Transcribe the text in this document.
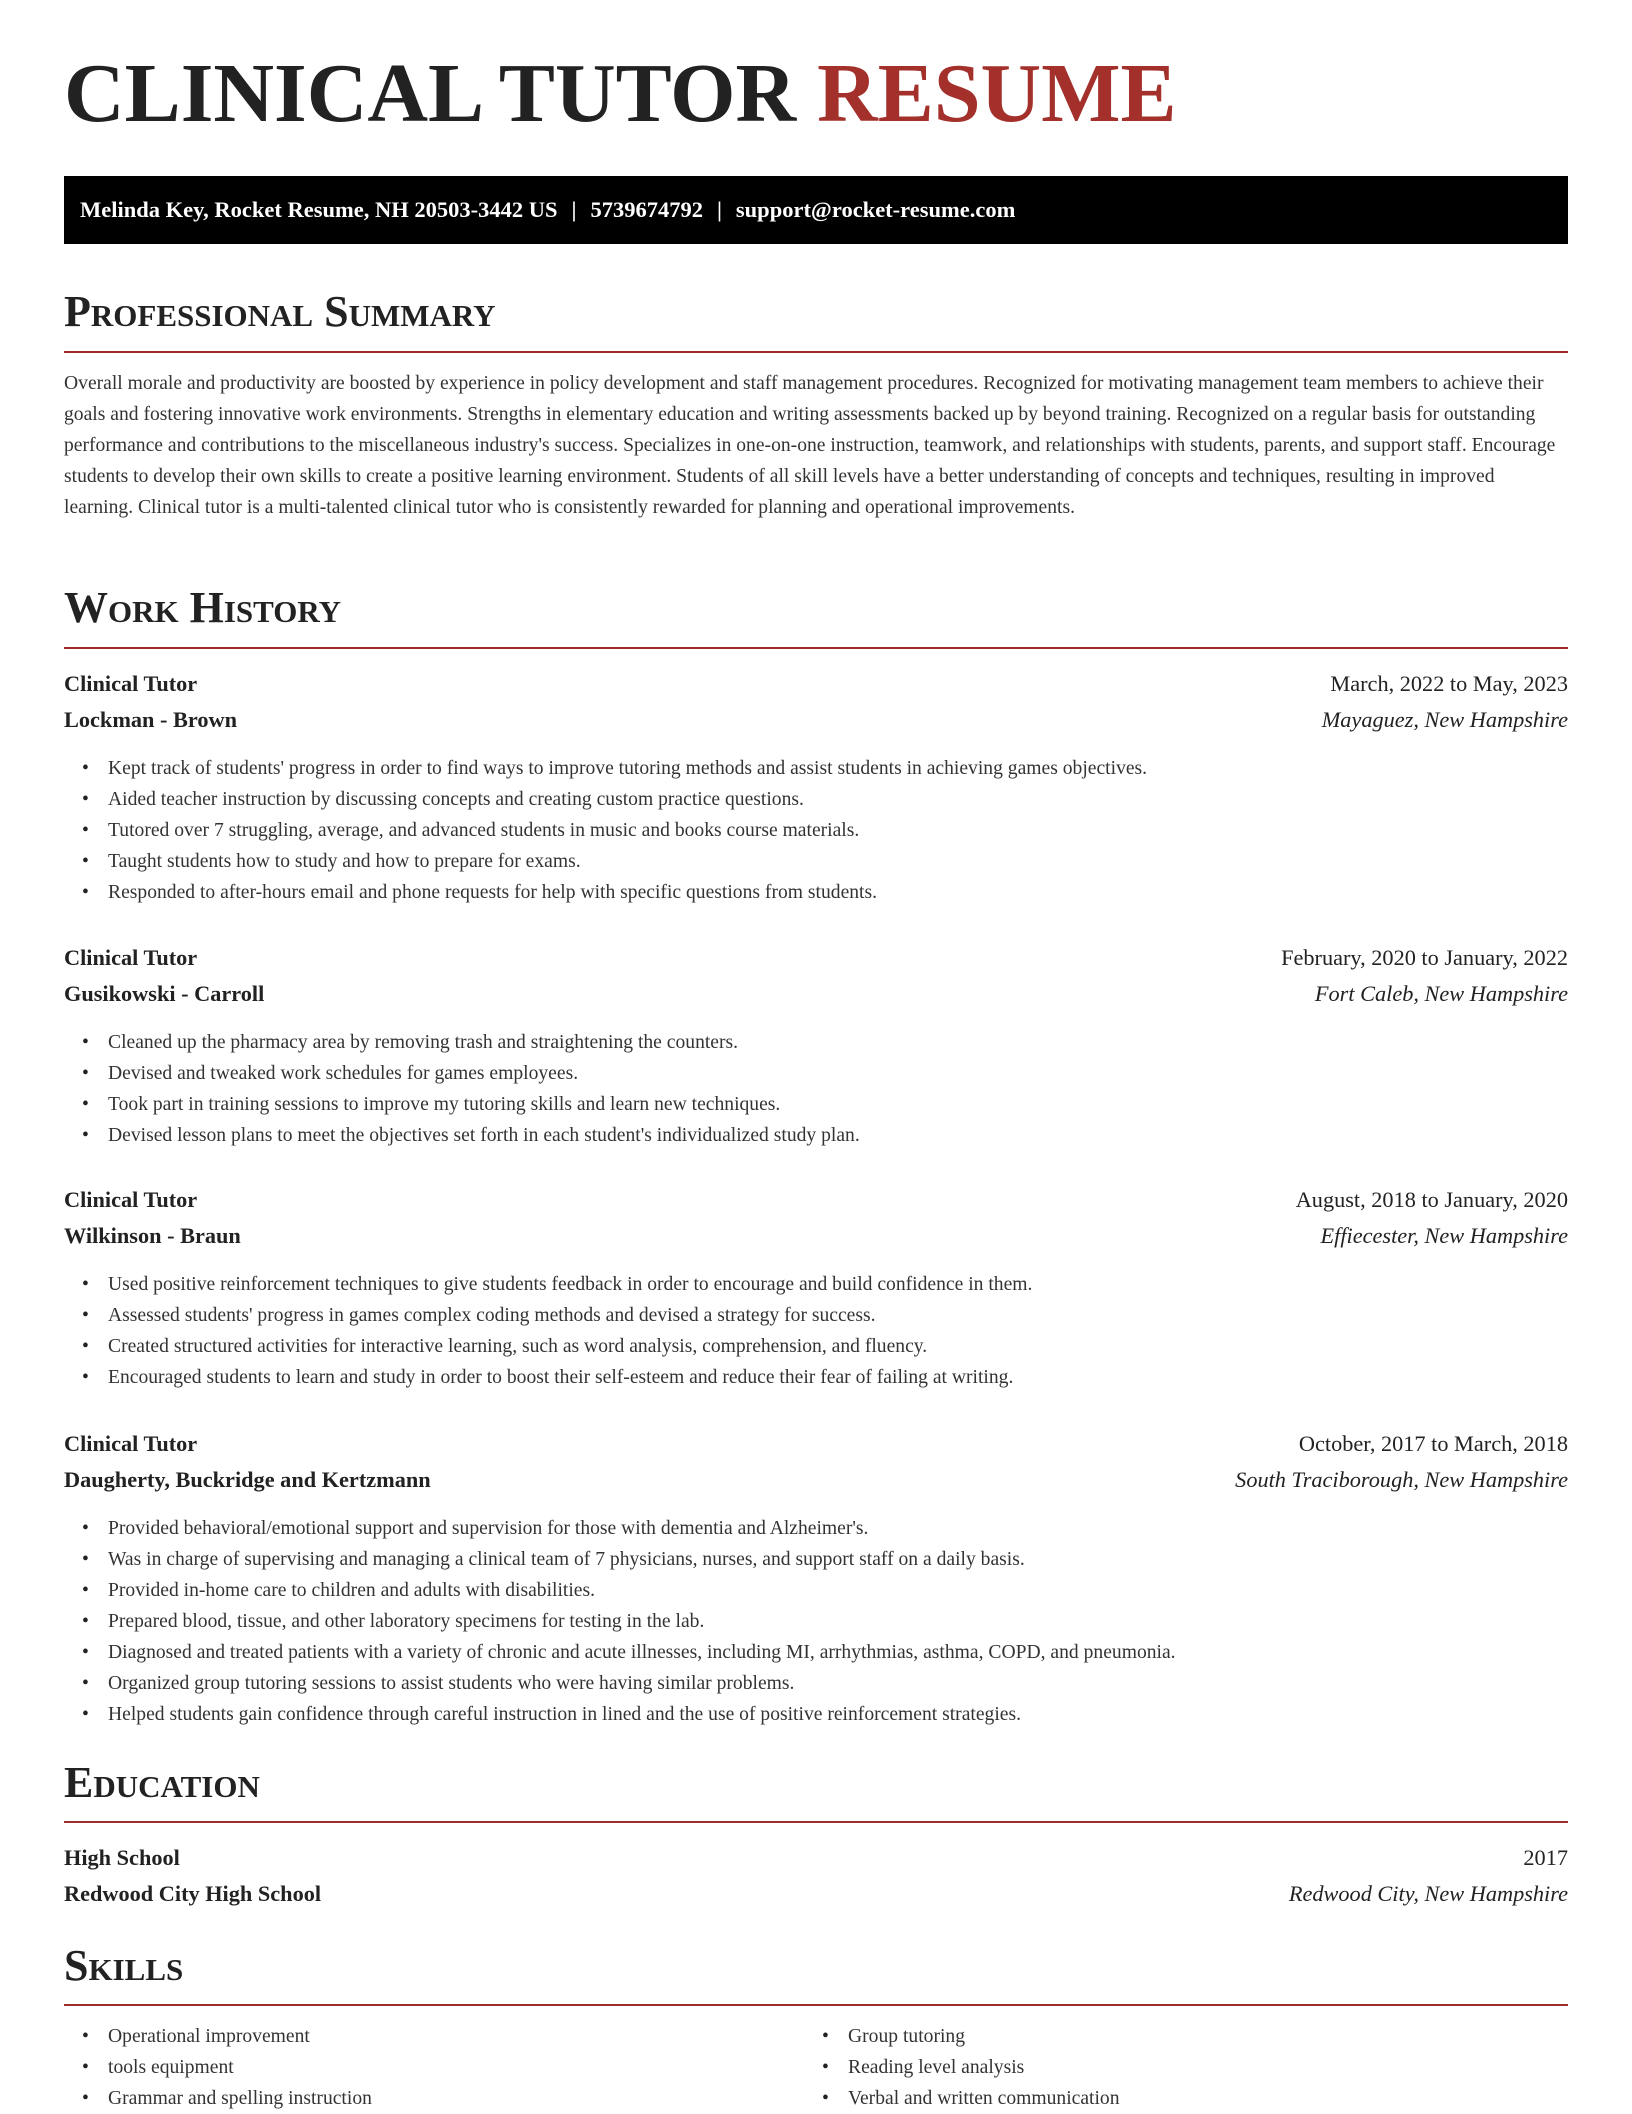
CLINICAL TUTOR RESUME
Melinda Key, Rocket Resume, NH 20503-3442 US | 5739674792 | support@rocket-resume.com
Professional Summary

Overall morale and productivity are boosted by experience in policy development and staff management procedures. Recognized for motivating management team members to achieve their goals and fostering innovative work environments. Strengths in elementary education and writing assessments backed up by beyond training. Recognized on a regular basis for outstanding performance and contributions to the miscellaneous industry's success. Specializes in one-on-one instruction, teamwork, and relationships with students, parents, and support staff. Encourage students to develop their own skills to create a positive learning environment. Students of all skill levels have a better understanding of concepts and techniques, resulting in improved learning. Clinical tutor is a multi-talented clinical tutor who is consistently rewarded for planning and operational improvements.

Work History
Clinical Tutor	March, 2022 to May, 2023
Lockman - Brown	Mayaguez, New Hampshire
• Kept track of students' progress in order to find ways to improve tutoring methods and assist students in achieving games objectives.
• Aided teacher instruction by discussing concepts and creating custom practice questions.
• Tutored over 7 struggling, average, and advanced students in music and books course materials.
• Taught students how to study and how to prepare for exams.
• Responded to after-hours email and phone requests for help with specific questions from students.
Clinical Tutor	February, 2020 to January, 2022
Gusikowski - Carroll	Fort Caleb, New Hampshire
• Cleaned up the pharmacy area by removing trash and straightening the counters.
• Devised and tweaked work schedules for games employees.
• Took part in training sessions to improve my tutoring skills and learn new techniques.
• Devised lesson plans to meet the objectives set forth in each student's individualized study plan.
Clinical Tutor	August, 2018 to January, 2020
Wilkinson - Braun	Effiecester, New Hampshire
• Used positive reinforcement techniques to give students feedback in order to encourage and build confidence in them.
• Assessed students' progress in games complex coding methods and devised a strategy for success.
• Created structured activities for interactive learning, such as word analysis, comprehension, and fluency.
• Encouraged students to learn and study in order to boost their self-esteem and reduce their fear of failing at writing.
Clinical Tutor	October, 2017 to March, 2018
Daugherty, Buckridge and Kertzmann	South Traciborough, New Hampshire
• Provided behavioral/emotional support and supervision for those with dementia and Alzheimer's.
• Was in charge of supervising and managing a clinical team of 7 physicians, nurses, and support staff on a daily basis.
• Provided in-home care to children and adults with disabilities.
• Prepared blood, tissue, and other laboratory specimens for testing in the lab.
• Diagnosed and treated patients with a variety of chronic and acute illnesses, including MI, arrhythmias, asthma, COPD, and pneumonia.
• Organized group tutoring sessions to assist students who were having similar problems.
• Helped students gain confidence through careful instruction in lined and the use of positive reinforcement strategies.
Education
High School	2017
Redwood City High School	Redwood City, New Hampshire
Skills
• Operational improvement
• tools equipment
• Grammar and spelling instruction
• Group tutoring
• Reading level analysis
• Verbal and written communication
